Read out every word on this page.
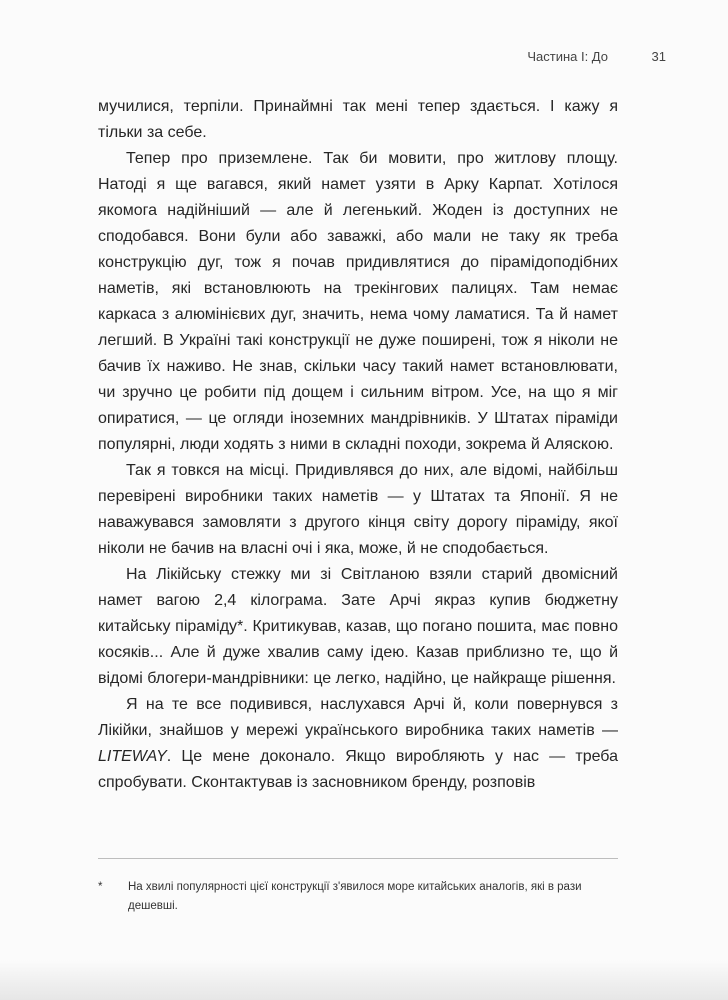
Частина І: До	31

мучилися, терпіли. Принаймні так мені тепер здається. І кажу я тільки за себе.

Тепер про приземлене. Так би мовити, про житлову площу. Натоді я ще вагався, який намет узяти в Арку Карпат. Хотілося якомога надійніший — але й легенький. Жоден із доступних не сподобався. Вони були або заважкі, або мали не таку як треба конструкцію дуг, тож я почав придивлятися до пірамідоподібних наметів, які встановлюють на трекінгових палицях. Там немає каркаса з алюмінієвих дуг, значить, нема чому ламатися. Та й намет легший. В Україні такі конструкції не дуже поширені, тож я ніколи не бачив їх наживо. Не знав, скільки часу такий намет встановлювати, чи зручно це робити під дощем і сильним вітром. Усе, на що я міг опиратися, — це огляди іноземних мандрівників. У Штатах піраміди популярні, люди ходять з ними в складні походи, зокрема й Аляскою.

Так я товкся на місці. Придивлявся до них, але відомі, найбільш перевірені виробники таких наметів — у Штатах та Японії. Я не наважувався замовляти з другого кінця світу дорогу піраміду, якої ніколи не бачив на власні очі і яка, може, й не сподобається.

На Лікійську стежку ми зі Світланою взяли старий двомісний намет вагою 2,4 кілограма. Зате Арчі якраз купив бюджетну китайську піраміду*. Критикував, казав, що погано пошита, має повно косяків... Але й дуже хвалив саму ідею. Казав приблизно те, що й відомі блогери-мандрівники: це легко, надійно, це найкраще рішення.

Я на те все подивився, наслухався Арчі й, коли повернувся з Лікійки, знайшов у мережі українського виробника таких наметів — LITEWAY. Це мене доконало. Якщо виробляють у нас — треба спробувати. Сконтактував із засновником бренду, розповів

* На хвилі популярності цієї конструкції з'явилося море китайських аналогів, які в рази дешевші.
